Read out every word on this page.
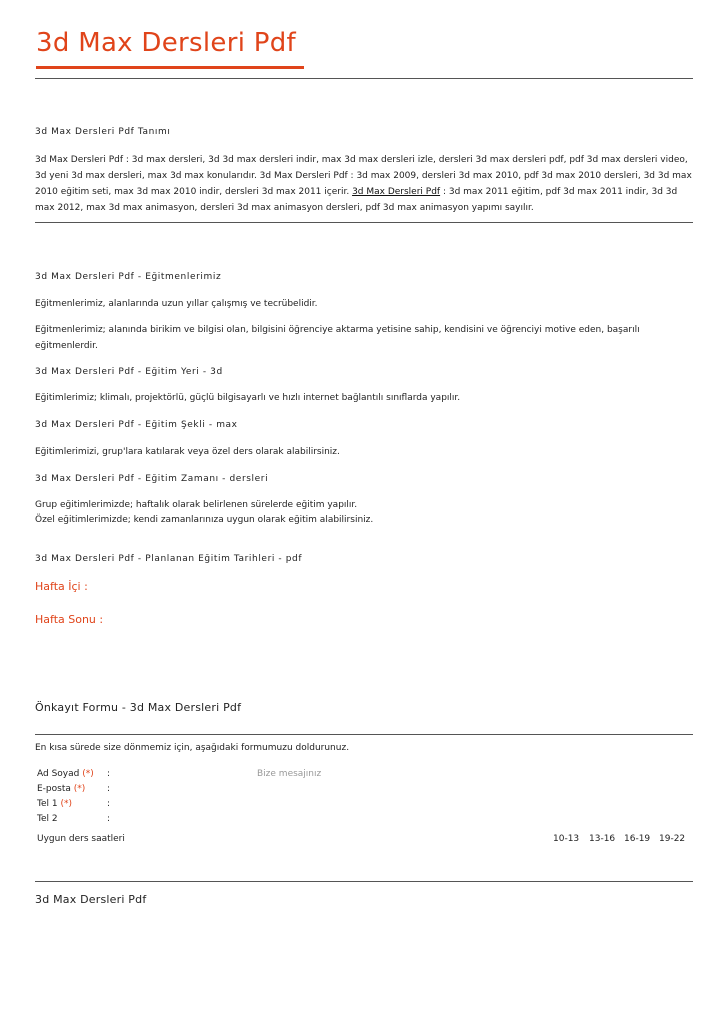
3d Max Dersleri Pdf
3d Max Dersleri Pdf Tanımı
3d Max Dersleri Pdf : 3d max dersleri, 3d 3d max dersleri indir, max 3d max dersleri izle, dersleri 3d max dersleri pdf, pdf 3d max dersleri video, 3d yeni 3d max dersleri, max 3d max konularıdır. 3d Max Dersleri Pdf : 3d max 2009, dersleri 3d max 2010, pdf 3d max 2010 dersleri, 3d 3d max 2010 eğitim seti, max 3d max 2010 indir, dersleri 3d max 2011 içerir. 3d Max Dersleri Pdf : 3d max 2011 eğitim, pdf 3d max 2011 indir, 3d 3d max 2012, max 3d max animasyon, dersleri 3d max animasyon dersleri, pdf 3d max animasyon yapımı sayılır.
3d Max Dersleri Pdf - Eğitmenlerimiz
Eğitmenlerimiz, alanlarında uzun yıllar çalışmış ve tecrübelidir.
Eğitmenlerimiz; alanında birikim ve bilgisi olan, bilgisini öğrenciye aktarma yetisine sahip, kendisini ve öğrenciyi motive eden, başarılı eğitmenlerdir.
3d Max Dersleri Pdf - Eğitim Yeri - 3d
Eğitimlerimiz; klimalı, projektörlü, güçlü bilgisayarlı ve hızlı internet bağlantılı sınıflarda yapılır.
3d Max Dersleri Pdf - Eğitim Şekli - max
Eğitimlerimizi, grup'lara katılarak veya özel ders olarak alabilirsiniz.
3d Max Dersleri Pdf - Eğitim Zamanı - dersleri
Grup eğitimlerimizde; haftalık olarak belirlenen sürelerde eğitim yapılır.
Özel eğitimlerimizde; kendi zamanlarınıza uygun olarak eğitim alabilirsiniz.
3d Max Dersleri Pdf - Planlanan Eğitim Tarihleri - pdf
Hafta İçi :
Hafta Sonu :
Önkayıt Formu - 3d Max Dersleri Pdf
En kısa sürede size dönmemiz için, aşağıdaki formumuzu doldurunuz.
Ad Soyad (*) :
E-posta (*) :
Tel 1 (*)	:
Tel 2	:
Bize mesajınız
Uygun ders saatleri	10-13 13-16 16-19 19-22
3d Max Dersleri Pdf
